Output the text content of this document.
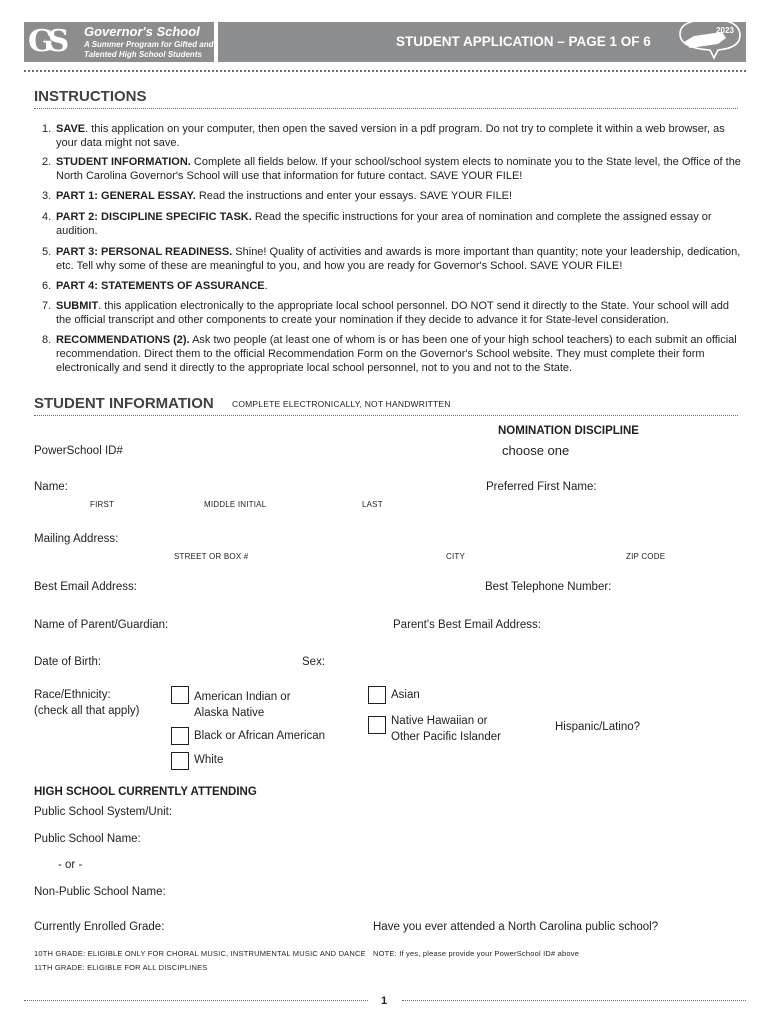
GS	Governor's School
A Summer Program for Gifted and Talented High School Students
STUDENT APPLICATION – PAGE 1 OF 6
2023
INSTRUCTIONS
1. SAVE. this application on your computer, then open the saved version in a pdf program. Do not try to complete it within a web browser, as your data might not save.
2. STUDENT INFORMATION. Complete all fields below. If your school/school system elects to nominate you to the State level, the Office of the North Carolina Governor's School will use that information for future contact. SAVE YOUR FILE!
3. PART 1: GENERAL ESSAY. Read the instructions and enter your essays. SAVE YOUR FILE!
4. PART 2: DISCIPLINE SPECIFIC TASK. Read the specific instructions for your area of nomination and complete the assigned essay or audition.
5. PART 3: PERSONAL READINESS. Shine! Quality of activities and awards is more important than quantity; note your leadership, dedication, etc. Tell why some of these are meaningful to you, and how you are ready for Governor's School. SAVE YOUR FILE!
6. PART 4: STATEMENTS OF ASSURANCE.
7. SUBMIT. this application electronically to the appropriate local school personnel. DO NOT send it directly to the State. Your school will add the official transcript and other components to create your nomination if they decide to advance it for State-level consideration.
8. RECOMMENDATIONS (2). Ask two people (at least one of whom is or has been one of your high school teachers) to each submit an official recommendation. Direct them to the official Recommendation Form on the Governor's School website. They must complete their form electronically and send it directly to the appropriate local school personnel, not to you and not to the State.
STUDENT INFORMATION COMPLETE ELECTRONICALLY, NOT HANDWRITTEN
NOMINATION DISCIPLINE
choose one
PowerSchool ID#
Name:
FIRST	MIDDLE INITIAL	LAST
Preferred First Name:
Mailing Address:
STREET OR BOX #	CITY	ZIP CODE
Best Email Address:	Best Telephone Number:
Name of Parent/Guardian:	Parent's Best Email Address:
Date of Birth:	Sex:
Race/Ethnicity:
(check all that apply)
American Indian or Alaska Native
Black or African American
White
Asian
Native Hawaiian or Other Pacific Islander
Hispanic/Latino?
HIGH SCHOOL CURRENTLY ATTENDING
Public School System/Unit:
Public School Name:
- or -
Non-Public School Name:
Currently Enrolled Grade:	Have you ever attended a North Carolina public school?
10TH GRADE: ELIGIBLE ONLY FOR CHORAL MUSIC, INSTRUMENTAL MUSIC AND DANCE
11TH GRADE: ELIGIBLE FOR ALL DISCIPLINES
NOTE: If yes, please provide your PowerSchool ID# above
1
